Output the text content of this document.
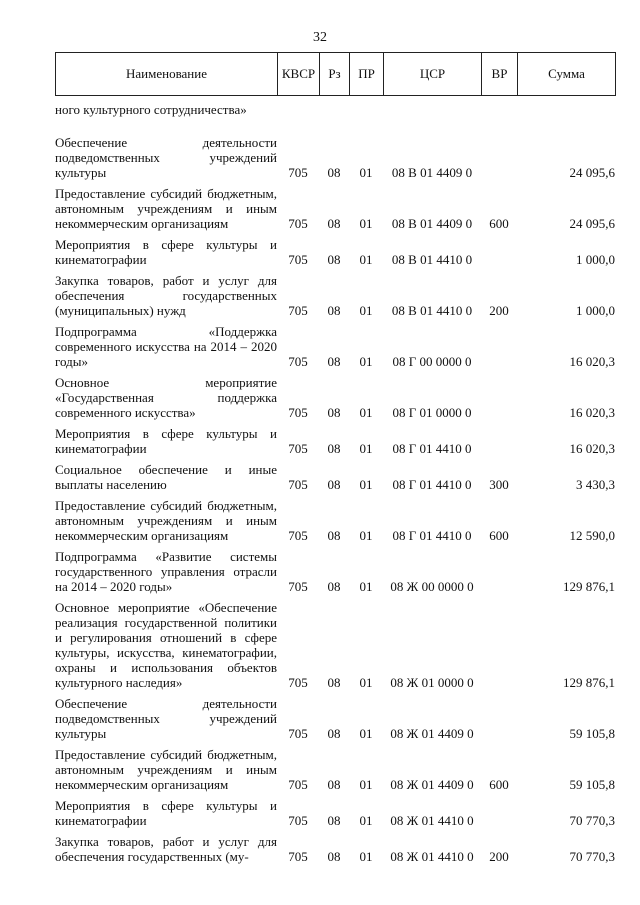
32
Наименование	КВСР	Рз	ПР	ЦСР	ВР	Сумма
ного культурного сотрудничества»						
Обеспечение деятельности подведомственных учреждений культуры	705	08	01	08 В 01 4409 0		24 095,6
Предоставление субсидий бюджетным, автономным учреждениям и иным некоммерческим организациям	705	08	01	08 В 01 4409 0	600	24 095,6
Мероприятия в сфере культуры и кинематографии	705	08	01	08 В 01 4410 0		1 000,0
Закупка товаров, работ и услуг для обеспечения государственных (муниципальных) нужд	705	08	01	08 В 01 4410 0	200	1 000,0
Подпрограмма «Поддержка современного искусства на 2014 – 2020 годы»	705	08	01	08 Г 00 0000 0		16 020,3
Основное мероприятие «Государственная поддержка современного искусства»	705	08	01	08 Г 01 0000 0		16 020,3
Мероприятия в сфере культуры и кинематографии	705	08	01	08 Г 01 4410 0		16 020,3
Социальное обеспечение и иные выплаты населению	705	08	01	08 Г 01 4410 0	300	3 430,3
Предоставление субсидий бюджетным, автономным учреждениям и иным некоммерческим организациям	705	08	01	08 Г 01 4410 0	600	12 590,0
Подпрограмма «Развитие системы государственного управления отрасли на 2014 – 2020 годы»	705	08	01	08 Ж 00 0000 0		129 876,1
Основное мероприятие «Обеспечение реализация государственной политики и регулирования отношений в сфере культуры, искусства, кинематографии, охраны и использования объектов культурного наследия»	705	08	01	08 Ж 01 0000 0		129 876,1
Обеспечение деятельности подведомственных учреждений культуры	705	08	01	08 Ж 01 4409 0		59 105,8
Предоставление субсидий бюджетным, автономным учреждениям и иным некоммерческим организациям	705	08	01	08 Ж 01 4409 0	600	59 105,8
Мероприятия в сфере культуры и кинематографии	705	08	01	08 Ж 01 4410 0		70 770,3
Закупка товаров, работ и услуг для обеспечения государственных (му-	705	08	01	08 Ж 01 4410 0	200	70 770,3
